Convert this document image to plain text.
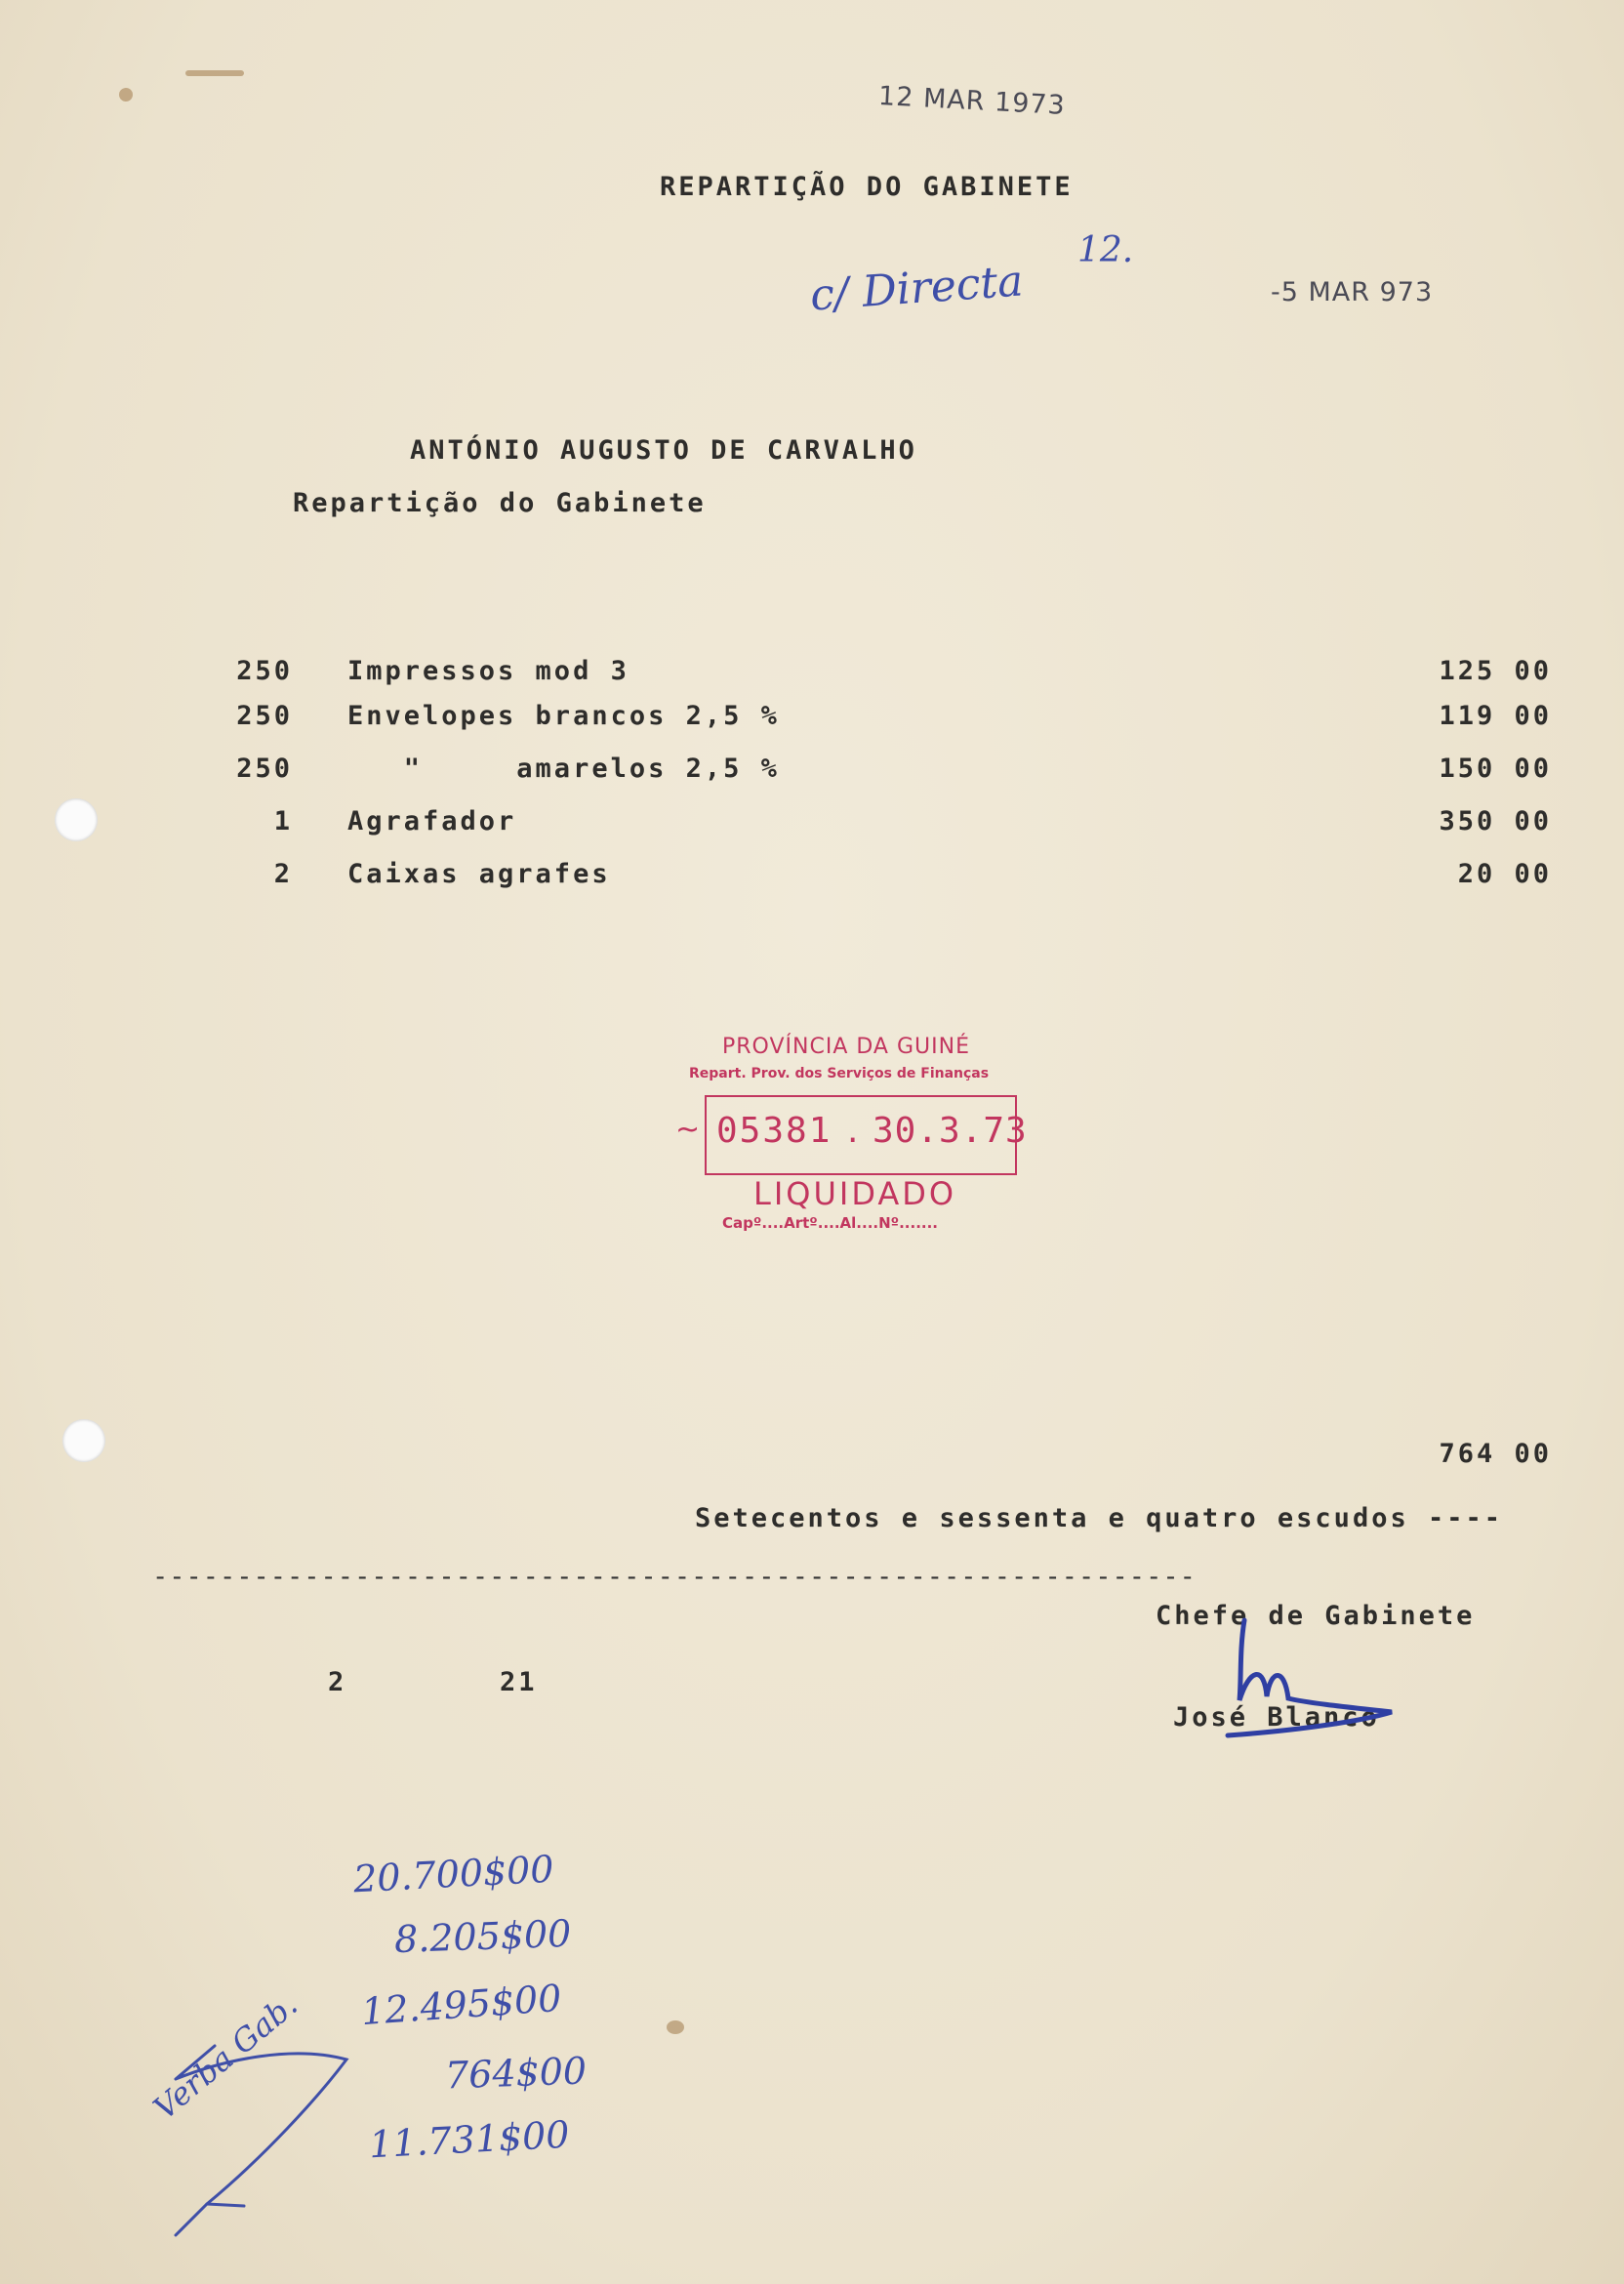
12 MAR 1973
REPARTIÇÃO DO GABINETE
c/ Directa
12.
-5 MAR 973
ANTÓNIO AUGUSTO DE CARVALHO
Repartição do Gabinete
250 Impressos mod 3	125 00
250 Envelopes brancos 2,5 %	119 00
250 "     amarelos 2,5 %	150 00
1 Agrafador	350 00
2 Caixas agrafes	20 00
PROVÍNCIA DA GUINÉ
Repart. Prov. dos Serviços de Finanças
~ 05381 . 30.3.73
LIQUIDADO
Capº....Artº....Al....Nº.......
764 00
Setecentos e sessenta e quatro escudos ----
--------------------------------------------------------------
Chefe de Gabinete
José Blanco
2	21
20.700$00
8.205$00
12.495$00
764$00
11.731$00
Verba Gab.
